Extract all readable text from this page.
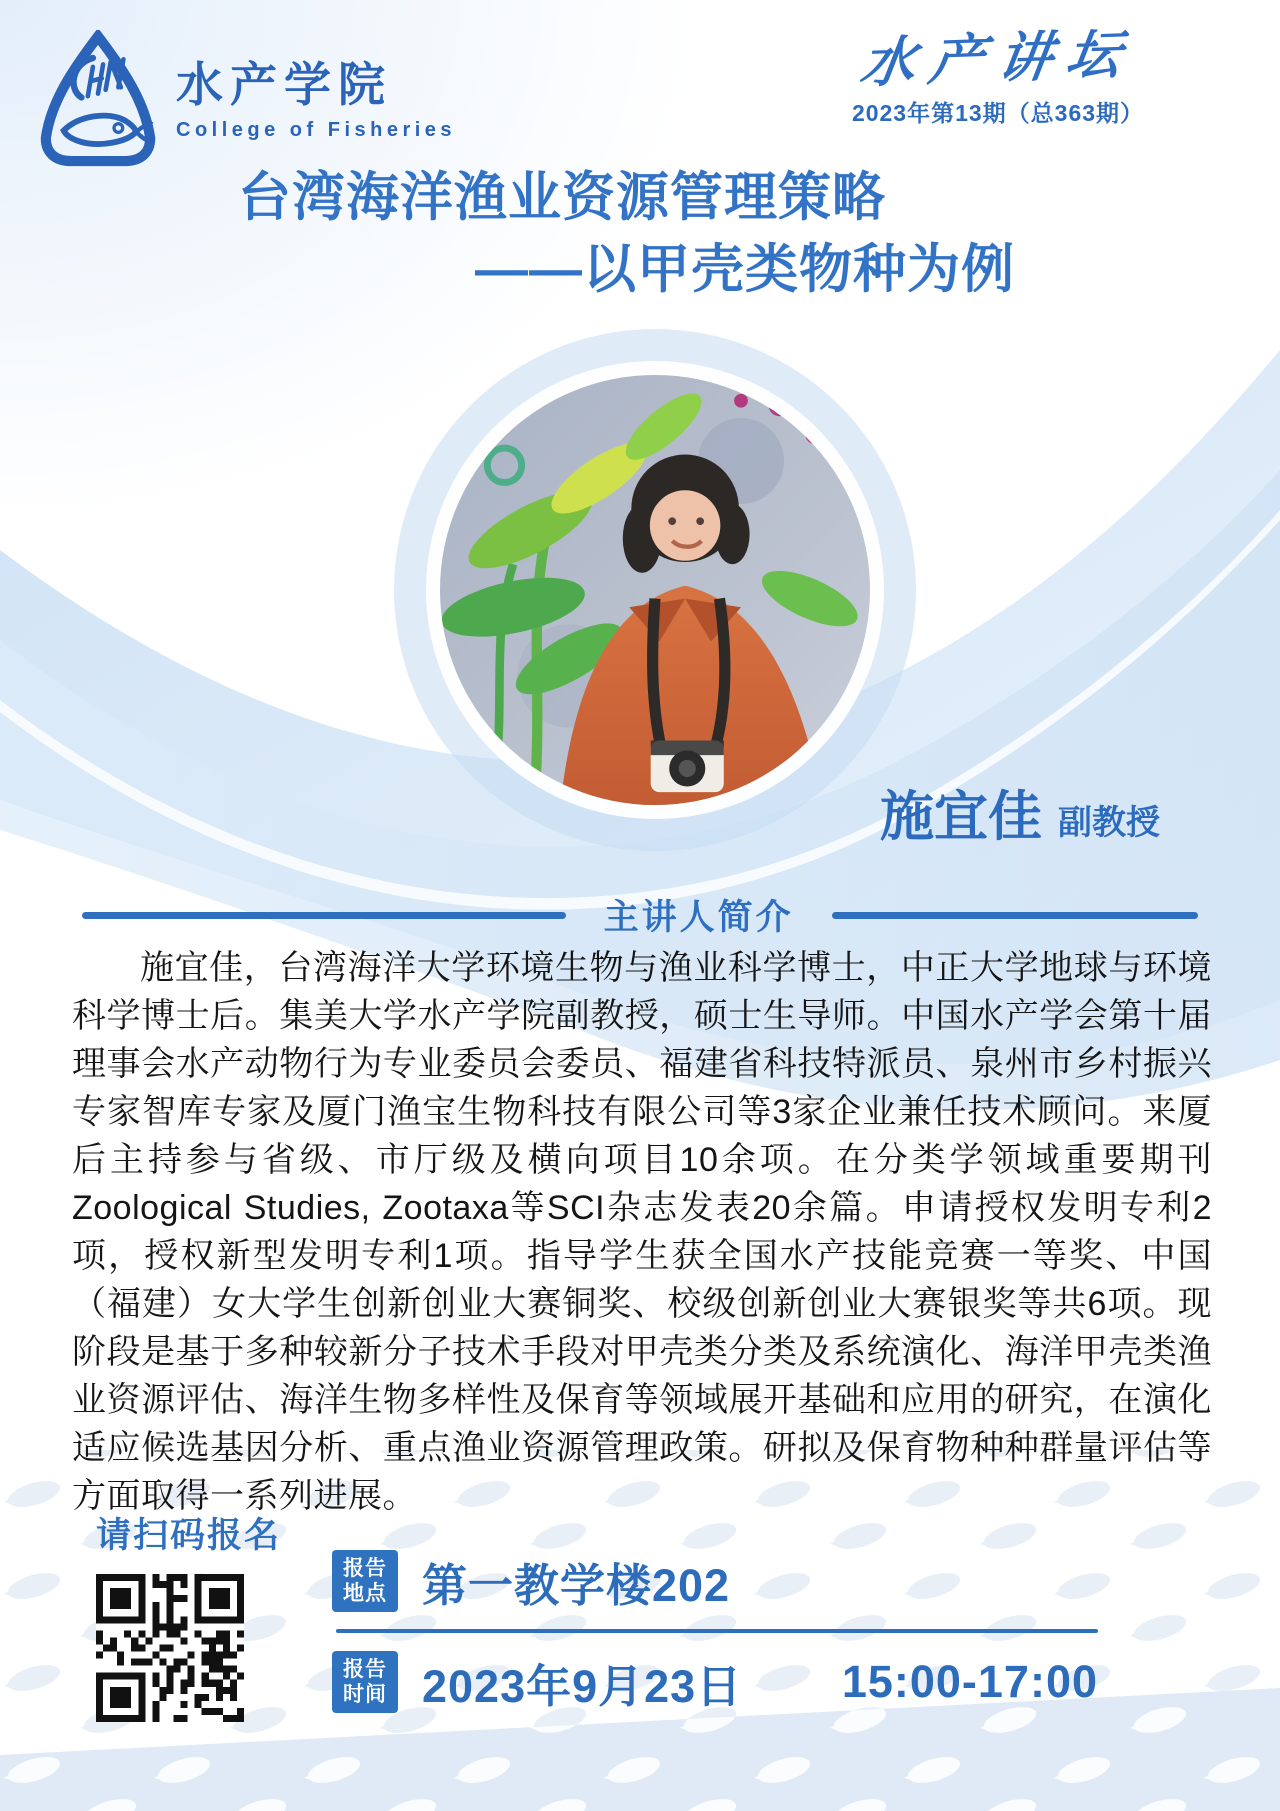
水产学院
College of Fisheries
水产讲坛
2023年第13期（总363期）
台湾海洋渔业资源管理策略
——以甲壳类物种为例
施宜佳 副教授
主讲人简介

施宜佳，台湾海洋大学环境生物与渔业科学博士，中正大学地球与环境科学博士后。集美大学水产学院副教授，硕士生导师。中国水产学会第十届理事会水产动物行为专业委员会委员、福建省科技特派员、泉州市乡村振兴专家智库专家及厦门渔宝生物科技有限公司等3家企业兼任技术顾问。来厦后主持参与省级、市厅级及横向项目10余项。在分类学领域重要期刊Zoological Studies, Zootaxa等SCI杂志发表20余篇。申请授权发明专利2项，授权新型发明专利1项。指导学生获全国水产技能竞赛一等奖、中国（福建）女大学生创新创业大赛铜奖、校级创新创业大赛银奖等共6项。现阶段是基于多种较新分子技术手段对甲壳类分类及系统演化、海洋甲壳类渔业资源评估、海洋生物多样性及保育等领域展开基础和应用的研究，在演化适应候选基因分析、重点渔业资源管理政策。研拟及保育物种种群量评估等方面取得一系列进展。

请扫码报名
报告
地点 第一教学楼202
报告
时间 2023年9月23日 15:00-17:00
